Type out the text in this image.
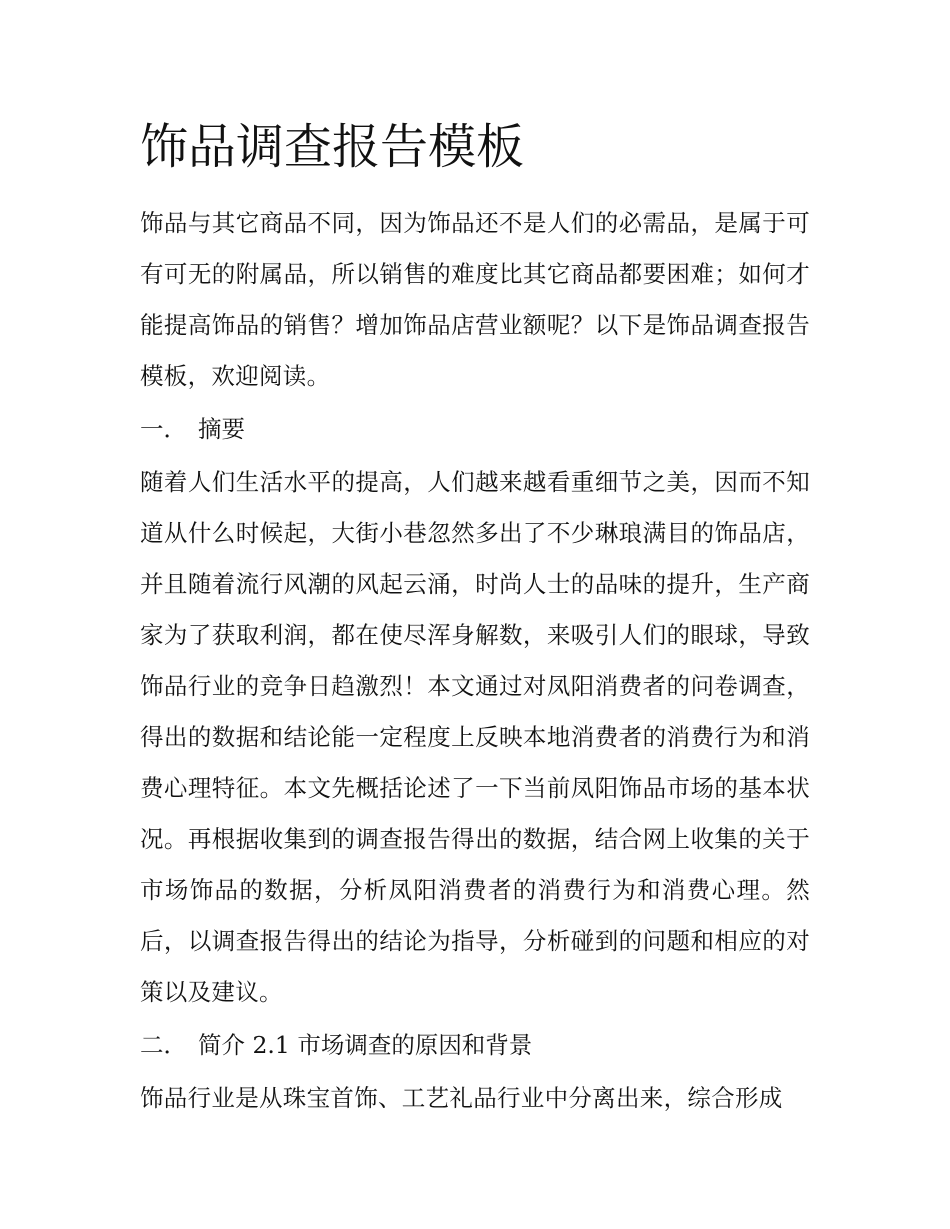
饰品调查报告模板

饰品与其它商品不同，因为饰品还不是人们的必需品，是属于可有可无的附属品，所以销售的难度比其它商品都要困难；如何才能提高饰品的销售？增加饰品店营业额呢？以下是饰品调查报告模板，欢迎阅读。

一． 摘要

随着人们生活水平的提高，人们越来越看重细节之美，因而不知道从什么时候起，大街小巷忽然多出了不少琳琅满目的饰品店，并且随着流行风潮的风起云涌，时尚人士的品味的提升，生产商家为了获取利润，都在使尽浑身解数，来吸引人们的眼球，导致饰品行业的竞争日趋激烈！本文通过对凤阳消费者的问卷调查，得出的数据和结论能一定程度上反映本地消费者的消费行为和消费心理特征。本文先概括论述了一下当前凤阳饰品市场的基本状况。再根据收集到的调查报告得出的数据，结合网上收集的关于市场饰品的数据，分析凤阳消费者的消费行为和消费心理。然后，以调查报告得出的结论为指导，分析碰到的问题和相应的对策以及建议。

二． 简介 2.1 市场调查的原因和背景

饰品行业是从珠宝首饰、工艺礼品行业中分离出来，综合形成
